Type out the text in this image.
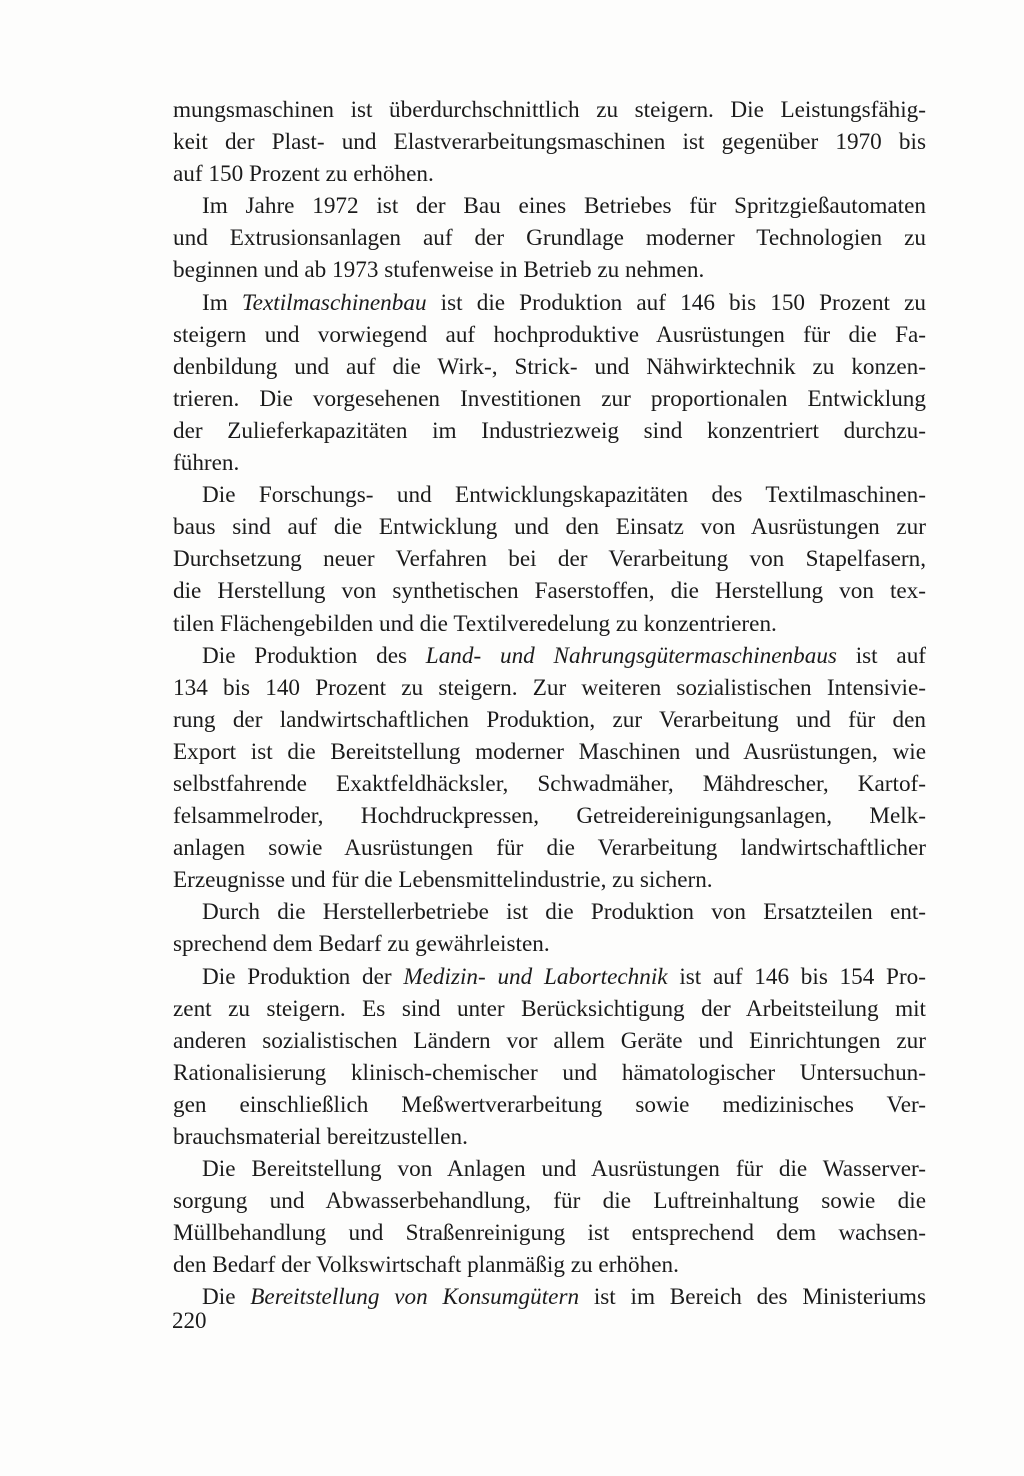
mungsmaschinen ist überdurchschnittlich zu steigern. Die Leistungsfähig-
keit der Plast- und Elastverarbeitungsmaschinen ist gegenüber 1970 bis
auf 150 Prozent zu erhöhen.
Im Jahre 1972 ist der Bau eines Betriebes für Spritzgießautomaten
und Extrusionsanlagen auf der Grundlage moderner Technologien zu
beginnen und ab 1973 stufenweise in Betrieb zu nehmen.
Im Textilmaschinenbau ist die Produktion auf 146 bis 150 Prozent zu
steigern und vorwiegend auf hochproduktive Ausrüstungen für die Fa-
denbildung und auf die Wirk-, Strick- und Nähwirktechnik zu konzen-
trieren. Die vorgesehenen Investitionen zur proportionalen Entwicklung
der Zulieferkapazitäten im Industriezweig sind konzentriert durchzu-
führen.
Die Forschungs- und Entwicklungskapazitäten des Textilmaschinen-
baus sind auf die Entwicklung und den Einsatz von Ausrüstungen zur
Durchsetzung neuer Verfahren bei der Verarbeitung von Stapelfasern,
die Herstellung von synthetischen Faserstoffen, die Herstellung von tex-
tilen Flächengebilden und die Textilveredelung zu konzentrieren.
Die Produktion des Land- und Nahrungsgütermaschinenbaus ist auf
134 bis 140 Prozent zu steigern. Zur weiteren sozialistischen Intensivie-
rung der landwirtschaftlichen Produktion, zur Verarbeitung und für den
Export ist die Bereitstellung moderner Maschinen und Ausrüstungen, wie
selbstfahrende Exaktfeldhäcksler, Schwadmäher, Mähdrescher, Kartof-
felsammelroder, Hochdruckpressen, Getreidereinigungsanlagen, Melk-
anlagen sowie Ausrüstungen für die Verarbeitung landwirtschaftlicher
Erzeugnisse und für die Lebensmittelindustrie, zu sichern.
Durch die Herstellerbetriebe ist die Produktion von Ersatzteilen ent-
sprechend dem Bedarf zu gewährleisten.
Die Produktion der Medizin- und Labortechnik ist auf 146 bis 154 Pro-
zent zu steigern. Es sind unter Berücksichtigung der Arbeitsteilung mit
anderen sozialistischen Ländern vor allem Geräte und Einrichtungen zur
Rationalisierung klinisch-chemischer und hämatologischer Untersuchun-
gen einschließlich Meßwertverarbeitung sowie medizinisches Ver-
brauchsmaterial bereitzustellen.
Die Bereitstellung von Anlagen und Ausrüstungen für die Wasserver-
sorgung und Abwasserbehandlung, für die Luftreinhaltung sowie die
Müllbehandlung und Straßenreinigung ist entsprechend dem wachsen-
den Bedarf der Volkswirtschaft planmäßig zu erhöhen.
Die Bereitstellung von Konsumgütern ist im Bereich des Ministeriums
220
